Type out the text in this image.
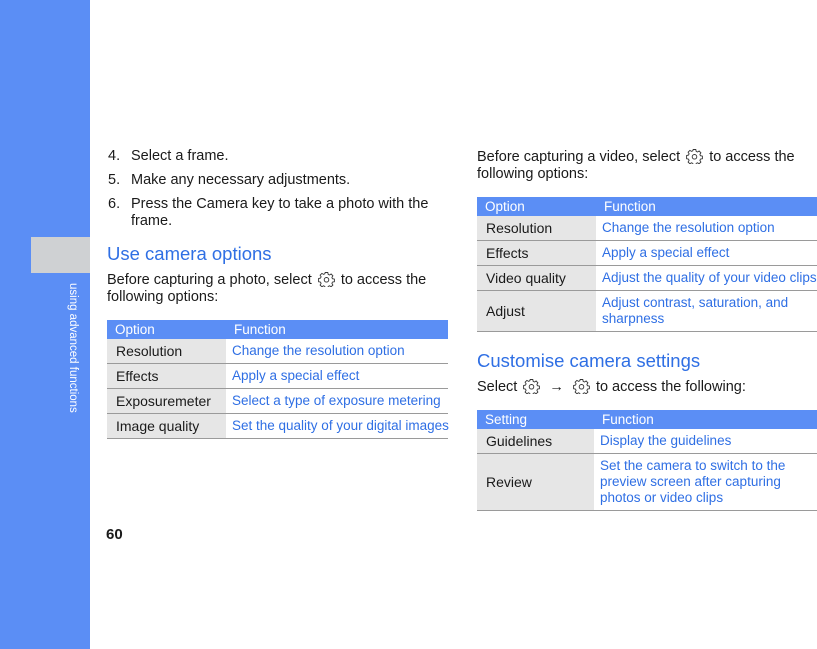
using advanced functions
4. Select a frame.
5. Make any necessary adjustments.
6. Press the Camera key to take a photo with the frame.
Use camera options
Before capturing a photo, select to access the following options:
Option	Function
Resolution	Change the resolution option
Effects	Apply a special effect
Exposuremeter	Select a type of exposure metering
Image quality	Set the quality of your digital images
Before capturing a video, select to access the following options:
Option	Function
Resolution	Change the resolution option
Effects	Apply a special effect
Video quality	Adjust the quality of your video clips
Adjust	Adjust contrast, saturation, and sharpness
Customise camera settings
Select → to access the following:
Setting	Function
Guidelines	Display the guidelines
Review	Set the camera to switch to the preview screen after capturing photos or video clips
60
